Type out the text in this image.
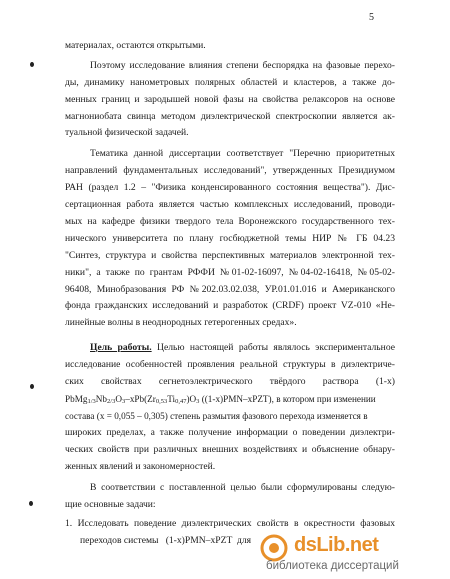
5
материалах, остаются открытыми.
Поэтому исследование влияния степени беспорядка на фазовые перехо-
ды, динамику нанометровых полярных областей и кластеров, а также до-
менных границ и зародышей новой фазы на свойства релаксоров на основе
магнониобата свинца методом диэлектрической спектроскопии является ак-
туальной физической задачей.
Тематика данной диссертации соответствует "Перечню приоритетных
направлений фундаментальных исследований", утвержденных Президиумом
РАН (раздел 1.2 – "Физика конденсированного состояния вещества"). Дис-
сертационная работа является частью комплексных исследований, проводи-
мых на кафедре физики твердого тела Воронежского государственного тех-
нического университета по плану госбюджетной темы НИР № ГБ 04.23
"Синтез, структура и свойства перспективных материалов электронной тех-
ники", а также по грантам РФФИ №01-02-16097, №04-02-16418, №05-02-
96408, Минобразования РФ №202.03.02.038, УР.01.01.016 и Американского
фонда гражданских исследований и разработок (CRDF) проект VZ-010 «Не-
линейные волны в неоднородных гетерогенных средах».
Цель работы. Целью настоящей работы являлось экспериментальное
исследование особенностей проявления реальной структуры в диэлектриче-
ских свойствах сегнетоэлектрического твёрдого раствора (1-x)
PbMg1/3Nb2/3O3–xPb(Zr0,53Ti0,47)O3 ((1-x)PMN–xPZT), в котором при изменении
состава (x = 0,055 – 0,305) степень размытия фазового перехода изменяется в
широких пределах, а также получение информации о поведении диэлектри-
ческих свойств при различных внешних воздействиях и объяснение обнару-
женных явлений и закономерностей.
В соответствии с поставленной целью были сформулированы следую-
щие основные задачи:
1. Исследовать поведение диэлектрических свойств в окрестности фазовых
переходов системы   (1-x)PMN–xPZT  для	dsLib.net
библиотека диссертаций
